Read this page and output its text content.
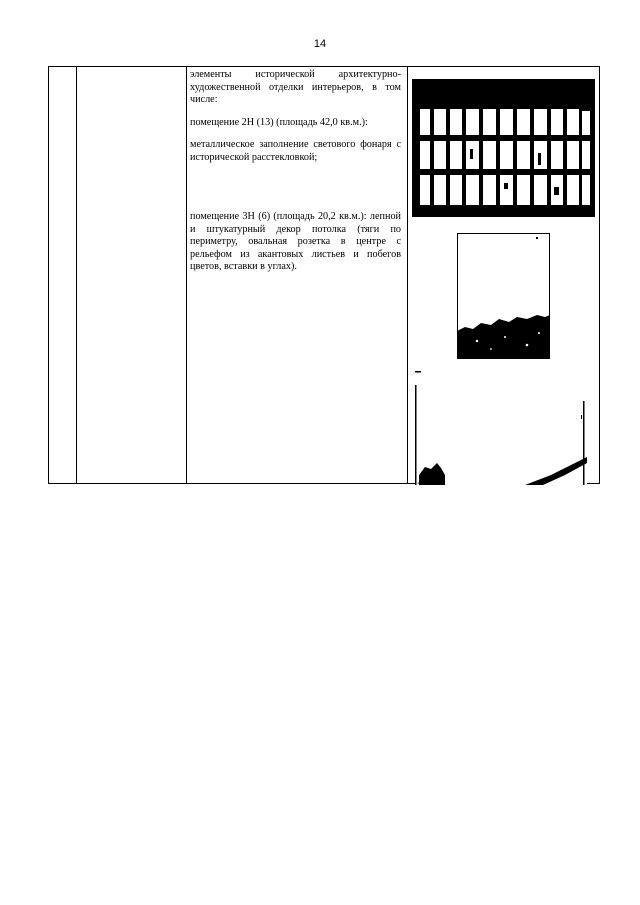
14

элементы исторической архитектурно-художественной отделки интерьеров, в том числе:

помещение 2Н (13) (площадь 42,0 кв.м.):

металлическое заполнение светового фонаря с исторической расстекловкой;

помещение 3Н (6) (площадь 20,2 кв.м.): лепной и штукатурный декор потолка (тяги по периметру, овальная розетка в центре с рельефом из акантовых листьев и побегов цветов, вставки в углах).
